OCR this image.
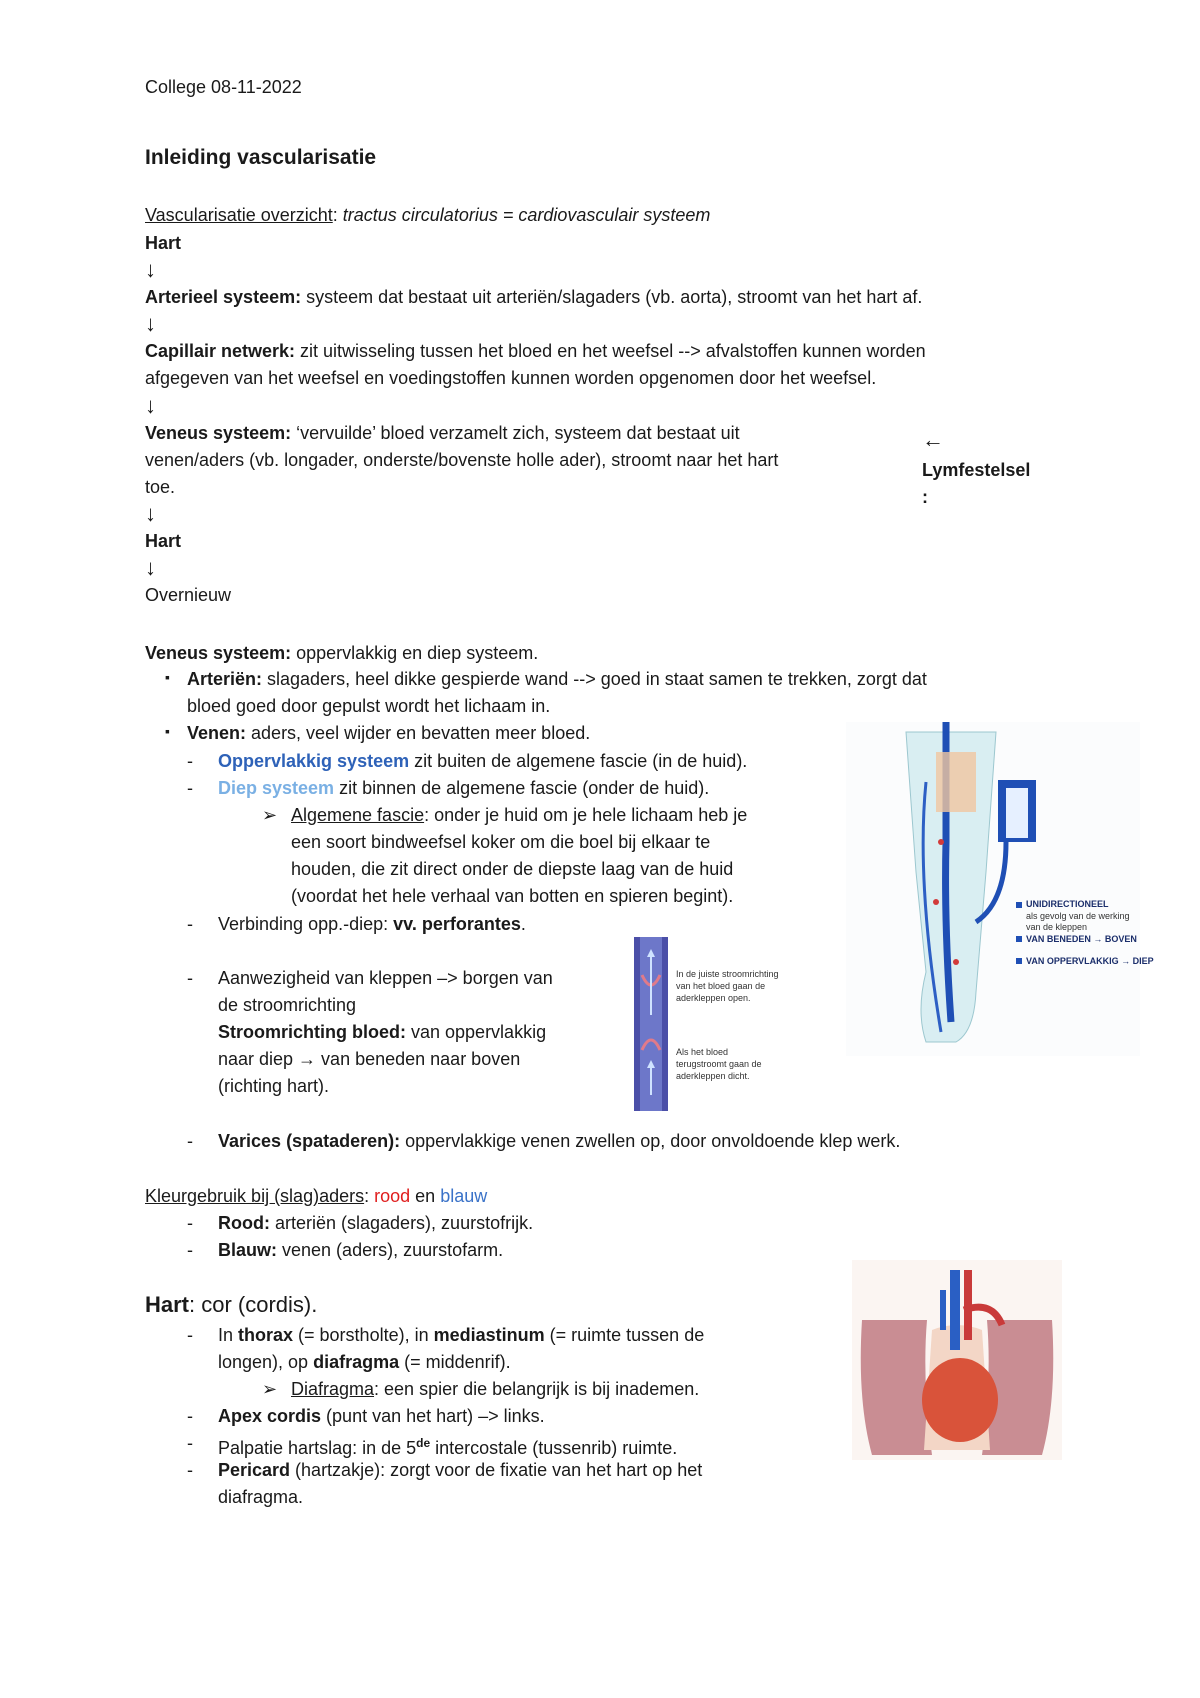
College 08-11-2022
Inleiding vascularisatie
Vascularisatie overzicht: tractus circulatorius = cardiovasculair systeem
Hart
↓
Arterieel systeem: systeem dat bestaat uit arteriën/slagaders (vb. aorta), stroomt van het hart af.
↓
Capillair netwerk: zit uitwisseling tussen het bloed en het weefsel --> afvalstoffen kunnen worden
afgegeven van het weefsel en voedingstoffen kunnen worden opgenomen door het weefsel.
↓
Veneus systeem: ‘vervuilde’ bloed verzamelt zich, systeem dat bestaat uit
venen/aders (vb. longader, onderste/bovenste holle ader), stroomt naar het hart
toe.
↓
Hart
↓
Overnieuw
←
Lymfestelsel
:
Veneus systeem: oppervlakkig en diep systeem.
▪ Arteriën: slagaders, heel dikke gespierde wand --> goed in staat samen te trekken, zorgt dat
bloed goed door gepulst wordt het lichaam in.
▪ Venen: aders, veel wijder en bevatten meer bloed.
- Oppervlakkig systeem zit buiten de algemene fascie (in de huid).
- Diep systeem zit binnen de algemene fascie (onder de huid).
➢ Algemene fascie: onder je huid om je hele lichaam heb je
een soort bindweefsel koker om die boel bij elkaar te
houden, die zit direct onder de diepste laag van de huid
(voordat het hele verhaal van botten en spieren begint).
- Verbinding opp.-diep: vv. perforantes.
- Aanwezigheid van kleppen –> borgen van
de stroomrichting
Stroomrichting bloed: van oppervlakkig
naar diep → van beneden naar boven
(richting hart).
- Varices (spataderen): oppervlakkige venen zwellen op, door onvoldoende klep werk.
In de juiste stroomrichting
van het bloed gaan de
aderkleppen open.
Als het bloed
terugstroomt gaan de
aderkleppen dicht.
UNIDIRECTIONEEL
als gevolg van de werking
van de kleppen
VAN BENEDEN → BOVEN
VAN OPPERVLAKKIG → DIEP
Kleurgebruik bij (slag)aders: rood en blauw
- Rood: arteriën (slagaders), zuurstofrijk.
- Blauw: venen (aders), zuurstofarm.
Hart: cor (cordis).
- In thorax (= borstholte), in mediastinum (= ruimte tussen de
longen), op diafragma (= middenrif).
➢ Diafragma: een spier die belangrijk is bij inademen.
- Apex cordis (punt van het hart) –> links.
- Palpatie hartslag: in de 5de intercostale (tussenrib) ruimte.
- Pericard (hartzakje): zorgt voor de fixatie van het hart op het
diafragma.
